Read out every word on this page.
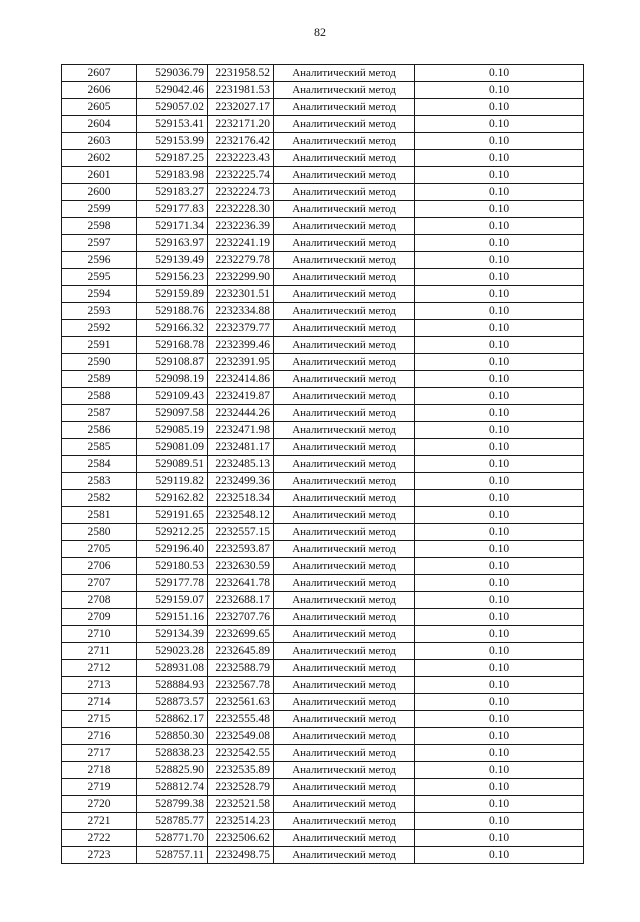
82
2607	529036.79	2231958.52	Аналитический метод	0.10
2606	529042.46	2231981.53	Аналитический метод	0.10
2605	529057.02	2232027.17	Аналитический метод	0.10
2604	529153.41	2232171.20	Аналитический метод	0.10
2603	529153.99	2232176.42	Аналитический метод	0.10
2602	529187.25	2232223.43	Аналитический метод	0.10
2601	529183.98	2232225.74	Аналитический метод	0.10
2600	529183.27	2232224.73	Аналитический метод	0.10
2599	529177.83	2232228.30	Аналитический метод	0.10
2598	529171.34	2232236.39	Аналитический метод	0.10
2597	529163.97	2232241.19	Аналитический метод	0.10
2596	529139.49	2232279.78	Аналитический метод	0.10
2595	529156.23	2232299.90	Аналитический метод	0.10
2594	529159.89	2232301.51	Аналитический метод	0.10
2593	529188.76	2232334.88	Аналитический метод	0.10
2592	529166.32	2232379.77	Аналитический метод	0.10
2591	529168.78	2232399.46	Аналитический метод	0.10
2590	529108.87	2232391.95	Аналитический метод	0.10
2589	529098.19	2232414.86	Аналитический метод	0.10
2588	529109.43	2232419.87	Аналитический метод	0.10
2587	529097.58	2232444.26	Аналитический метод	0.10
2586	529085.19	2232471.98	Аналитический метод	0.10
2585	529081.09	2232481.17	Аналитический метод	0.10
2584	529089.51	2232485.13	Аналитический метод	0.10
2583	529119.82	2232499.36	Аналитический метод	0.10
2582	529162.82	2232518.34	Аналитический метод	0.10
2581	529191.65	2232548.12	Аналитический метод	0.10
2580	529212.25	2232557.15	Аналитический метод	0.10
2705	529196.40	2232593.87	Аналитический метод	0.10
2706	529180.53	2232630.59	Аналитический метод	0.10
2707	529177.78	2232641.78	Аналитический метод	0.10
2708	529159.07	2232688.17	Аналитический метод	0.10
2709	529151.16	2232707.76	Аналитический метод	0.10
2710	529134.39	2232699.65	Аналитический метод	0.10
2711	529023.28	2232645.89	Аналитический метод	0.10
2712	528931.08	2232588.79	Аналитический метод	0.10
2713	528884.93	2232567.78	Аналитический метод	0.10
2714	528873.57	2232561.63	Аналитический метод	0.10
2715	528862.17	2232555.48	Аналитический метод	0.10
2716	528850.30	2232549.08	Аналитический метод	0.10
2717	528838.23	2232542.55	Аналитический метод	0.10
2718	528825.90	2232535.89	Аналитический метод	0.10
2719	528812.74	2232528.79	Аналитический метод	0.10
2720	528799.38	2232521.58	Аналитический метод	0.10
2721	528785.77	2232514.23	Аналитический метод	0.10
2722	528771.70	2232506.62	Аналитический метод	0.10
2723	528757.11	2232498.75	Аналитический метод	0.10
